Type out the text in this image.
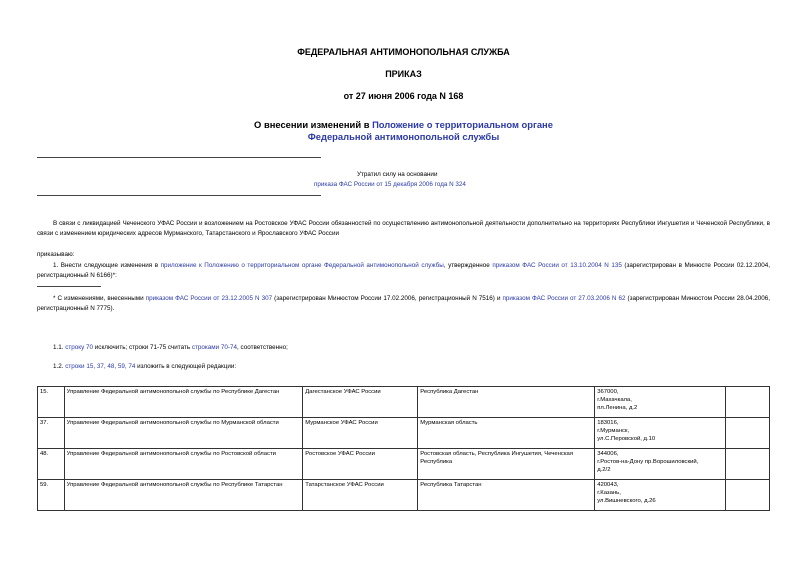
ФЕДЕРАЛЬНАЯ АНТИМОНОПОЛЬНАЯ СЛУЖБА
ПРИКАЗ
от 27 июня 2006 года N 168
О внесении изменений в Положение о территориальном органе
Федеральной антимонопольной службы
Утратил силу на основании
приказа ФАС России от 15 декабря 2006 года N 324
В связи с ликвидацией Чеченского УФАС России и возложением на Ростовское УФАС России обязанностей по осуществлению антимонопольной деятельности дополнительно на территориях Республики Ингушетия и Чеченской Республики, в связи с изменением юридических адресов Мурманского, Татарстанского и Ярославского УФАС России
приказываю:
1. Внести следующие изменения в приложение к Положению о территориальном органе Федеральной антимонопольной службы, утвержденное приказом ФАС России от 13.10.2004 N 135 (зарегистрирован в Минюсте России 02.12.2004, регистрационный N 6166)*:
* С изменениями, внесенными приказом ФАС России от 23.12.2005 N 307 (зарегистрирован Минюстом России 17.02.2006, регистрационный N 7516) и приказом ФАС России от 27.03.2006 N 62 (зарегистрирован Минюстом России 28.04.2006, регистрационный N 7775).
1.1. строку 70 исключить; строки 71-75 считать строками 70-74, соответственно;
1.2. строки 15, 37, 48, 59, 74 изложить в следующей редакции:
15.	Управление Федеральной антимонопольной службы по Республике Дагестан	Дагестанское УФАС России	Республика Дагестан	367000,
г.Махачкала,
пл.Ленина, д.2	

37.	Управление Федеральной антимонопольной службы по Мурманской области	Мурманское УФАС России	Мурманская область	183016,
г.Мурманск,
ул.С.Перовской, д.10	

48.	Управление Федеральной антимонопольной службы по Ростовской области	Ростовское УФАС России	Ростовская область, Республика Ингушетия, Чеченская Республика	344006,
г.Ростов-на-Дону пр.Ворошиловский,
д.2/2	

59.	Управление Федеральной антимонопольной службы по Республике Татарстан	Татарстанское УФАС России	Республика Татарстан	420043,
г.Казань,
ул.Вишневского, д.26	
